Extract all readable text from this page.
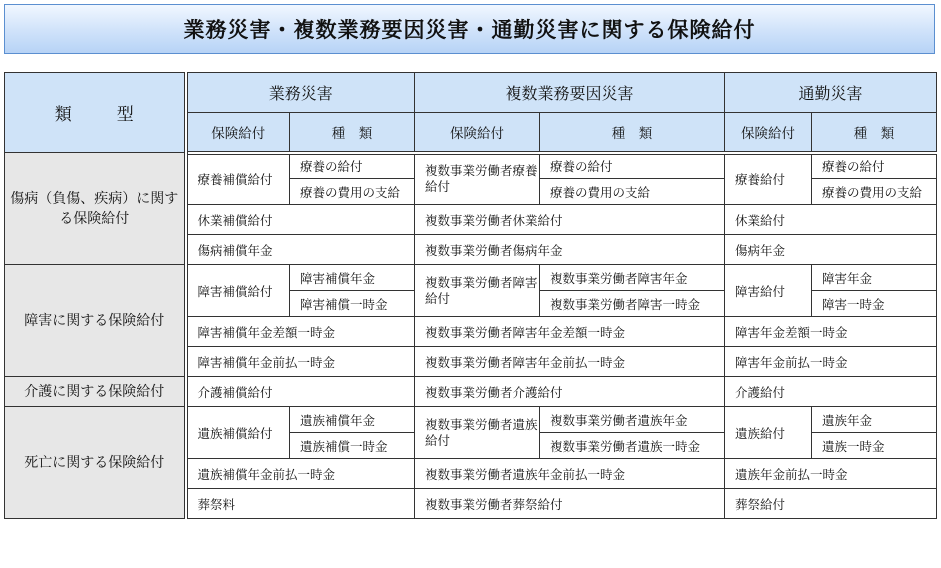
業務災害・複数業務要因災害・通勤災害に関する保険給付
類　型	業務災害		複数業務要因災害		通勤災害	
	保険給付	種　類	保険給付	種　類	保険給付	種　類
傷病（負傷、疾病）に関する保険給付	療養補償給付	療養の給付	複数事業労働者療養給付	療養の給付	療養給付	療養の給付
		療養の費用の支給		療養の費用の支給		療養の費用の支給
	休業補償給付		複数事業労働者休業給付		休業給付	
	傷病補償年金		複数事業労働者傷病年金		傷病年金	
障害に関する保険給付	障害補償給付	障害補償年金	複数事業労働者障害給付	複数事業労働者障害年金	障害給付	障害年金
		障害補償一時金		複数事業労働者障害一時金		障害一時金
	障害補償年金差額一時金		複数事業労働者障害年金差額一時金		障害年金差額一時金	
	障害補償年金前払一時金		複数事業労働者障害年金前払一時金		障害年金前払一時金	
介護に関する保険給付	介護補償給付		複数事業労働者介護給付		介護給付	
死亡に関する保険給付	遺族補償給付	遺族補償年金	複数事業労働者遺族給付	複数事業労働者遺族年金	遺族給付	遺族年金
		遺族補償一時金		複数事業労働者遺族一時金		遺族一時金
	遺族補償年金前払一時金		複数事業労働者遺族年金前払一時金		遺族年金前払一時金	
	葬祭料		複数事業労働者葬祭給付		葬祭給付	
